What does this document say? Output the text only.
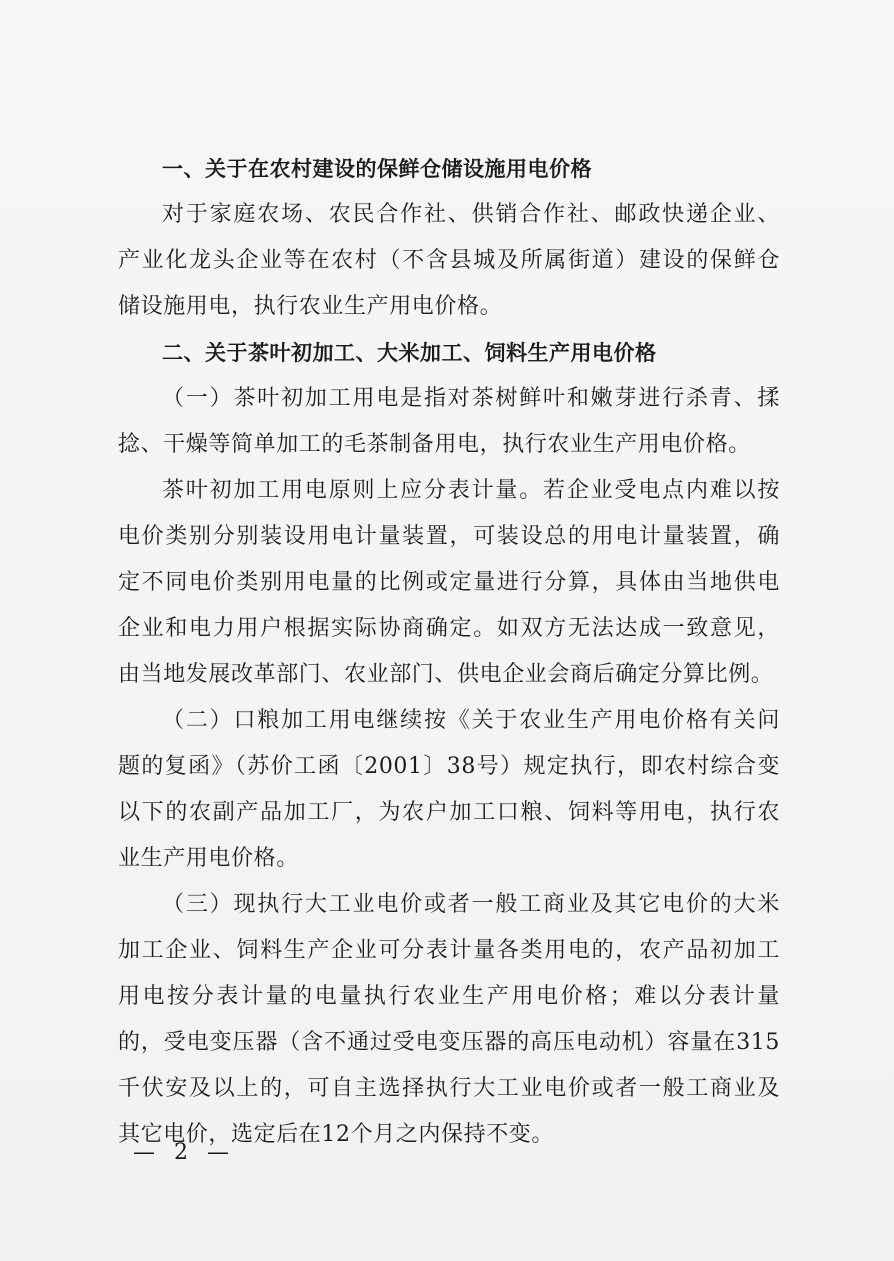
一、关于在农村建设的保鲜仓储设施用电价格

对于家庭农场、农民合作社、供销合作社、邮政快递企业、
产业化龙头企业等在农村（不含县城及所属街道）建设的保鲜仓
储设施用电，执行农业生产用电价格。

二、关于茶叶初加工、大米加工、饲料生产用电价格

（一）茶叶初加工用电是指对茶树鲜叶和嫩芽进行杀青、揉
捻、干燥等简单加工的毛茶制备用电，执行农业生产用电价格。

茶叶初加工用电原则上应分表计量。若企业受电点内难以按
电价类别分别装设用电计量装置，可装设总的用电计量装置，确
定不同电价类别用电量的比例或定量进行分算，具体由当地供电
企业和电力用户根据实际协商确定。如双方无法达成一致意见，
由当地发展改革部门、农业部门、供电企业会商后确定分算比例。

（二）口粮加工用电继续按《关于农业生产用电价格有关问
题的复函》（苏价工函〔2001〕38号）规定执行，即农村综合变
以下的农副产品加工厂，为农户加工口粮、饲料等用电，执行农
业生产用电价格。

（三）现执行大工业电价或者一般工商业及其它电价的大米
加工企业、饲料生产企业可分表计量各类用电的，农产品初加工
用电按分表计量的电量执行农业生产用电价格；难以分表计量
的，受电变压器（含不通过受电变压器的高压电动机）容量在315
千伏安及以上的，可自主选择执行大工业电价或者一般工商业及
其它电价，选定后在12个月之内保持不变。

— 2 —
